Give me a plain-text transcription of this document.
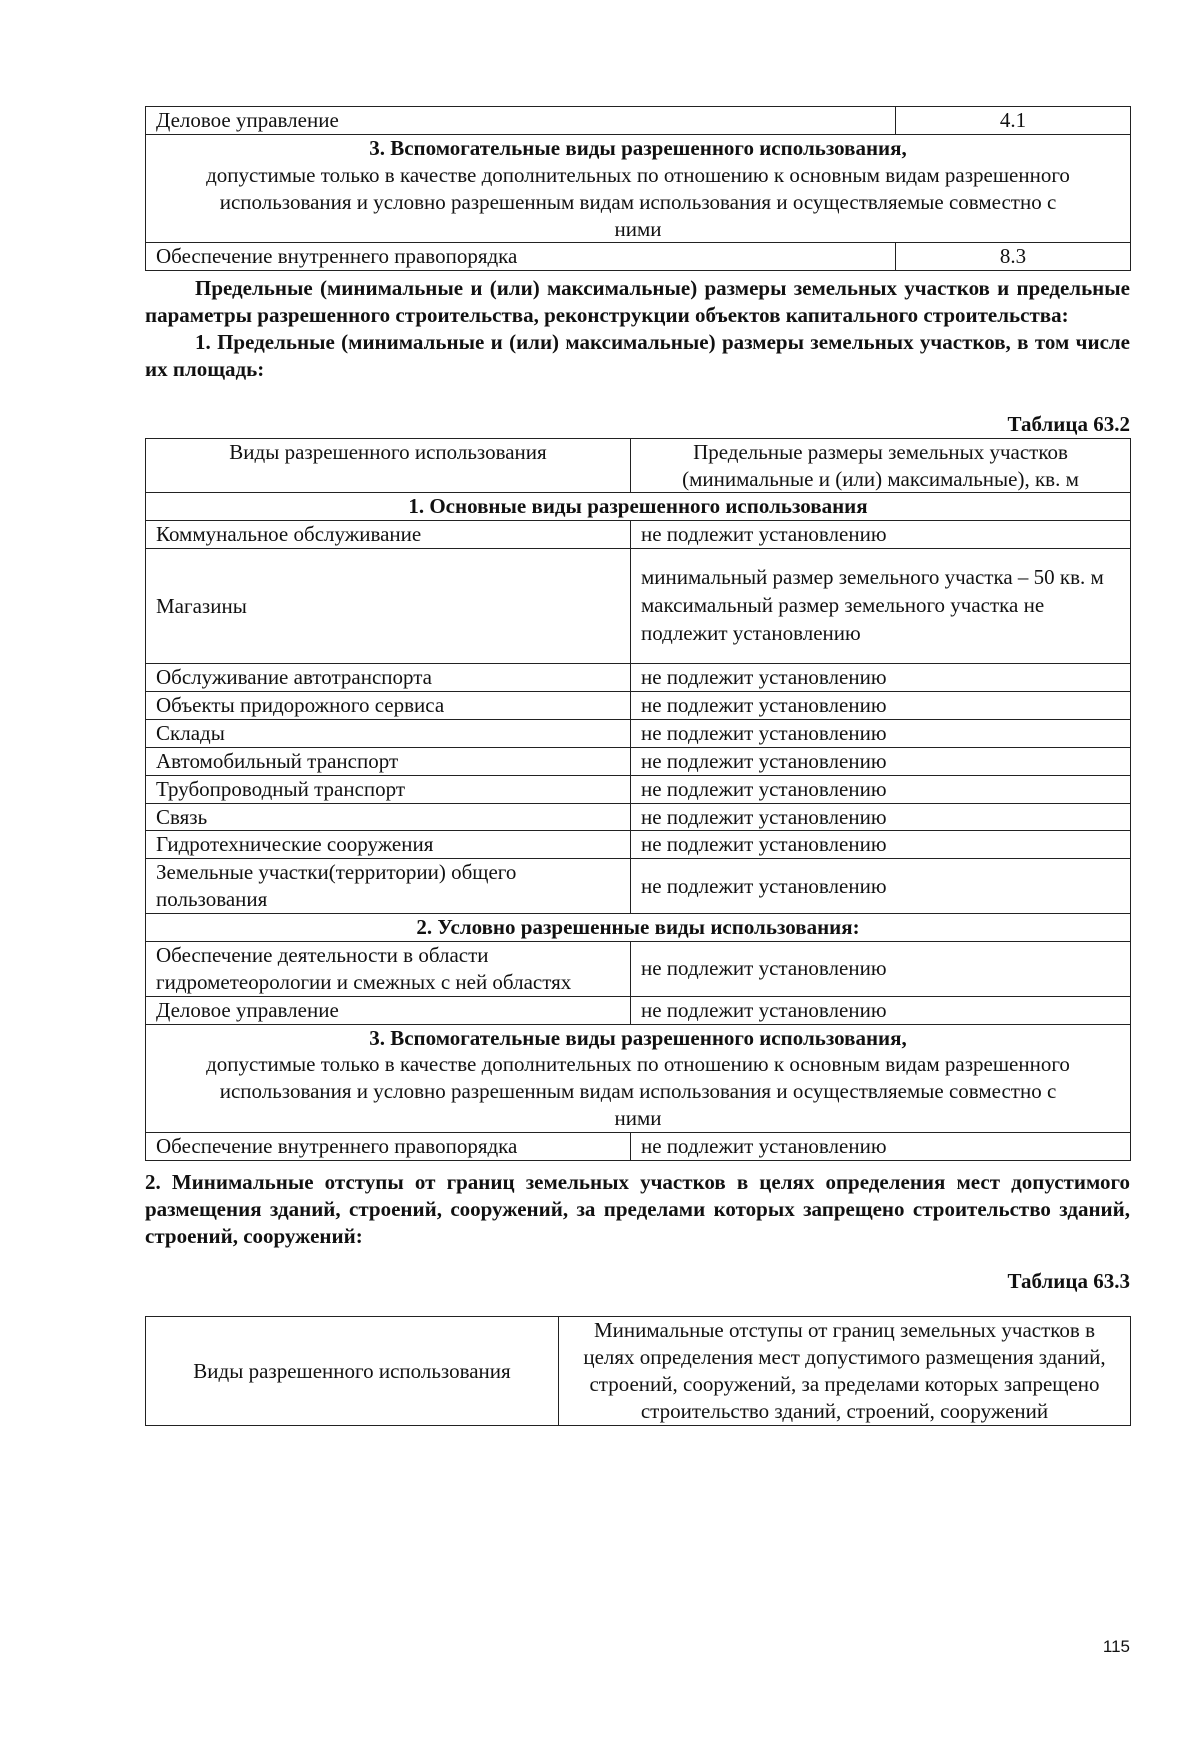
Деловое управление	4.1
3. Вспомогательные виды разрешенного использования,
допустимые только в качестве дополнительных по отношению к основным видам разрешенного использования и условно разрешенным видам использования и осуществляемые совместно с ними	

Обеспечение внутреннего правопорядка	8.3

Предельные (минимальные и (или) максимальные) размеры земельных участков и предельные параметры разрешенного строительства, реконструкции объектов капитального строительства:

1. Предельные (минимальные и (или) максимальные) размеры земельных участков, в том числе их площадь:

Таблица 63.2
Виды разрешенного использования	Предельные размеры земельных участков (минимальные и (или) максимальные), кв. м
1. Основные виды разрешенного использования	
Коммунальное обслуживание	не подлежит установлению
Магазины	минимальный размер земельного участка – 50 кв. м
максимальный размер земельного участка не подлежит установлению

Обслуживание автотранспорта	не подлежит установлению
Объекты придорожного сервиса	не подлежит установлению
Склады	не подлежит установлению
Автомобильный транспорт	не подлежит установлению
Трубопроводный транспорт	не подлежит установлению
Связь	не подлежит установлению
Гидротехнические сооружения	не подлежит установлению
Земельные участки(территории) общего пользования	не подлежит установлению
2. Условно разрешенные виды использования:	
Обеспечение деятельности в области гидрометеорологии и смежных с ней областях	не подлежит установлению
Деловое управление	не подлежит установлению
3. Вспомогательные виды разрешенного использования,
допустимые только в качестве дополнительных по отношению к основным видам разрешенного использования и условно разрешенным видам использования и осуществляемые совместно с ними	

Обеспечение внутреннего правопорядка	не подлежит установлению

2. Минимальные отступы от границ земельных участков в целях определения мест допустимого размещения зданий, строений, сооружений, за пределами которых запрещено строительство зданий, строений, сооружений:

Таблица 63.3
Виды разрешенного использования	Минимальные отступы от границ земельных участков в целях определения мест допустимого размещения зданий, строений, сооружений, за пределами которых запрещено строительство зданий, строений, сооружений
115
